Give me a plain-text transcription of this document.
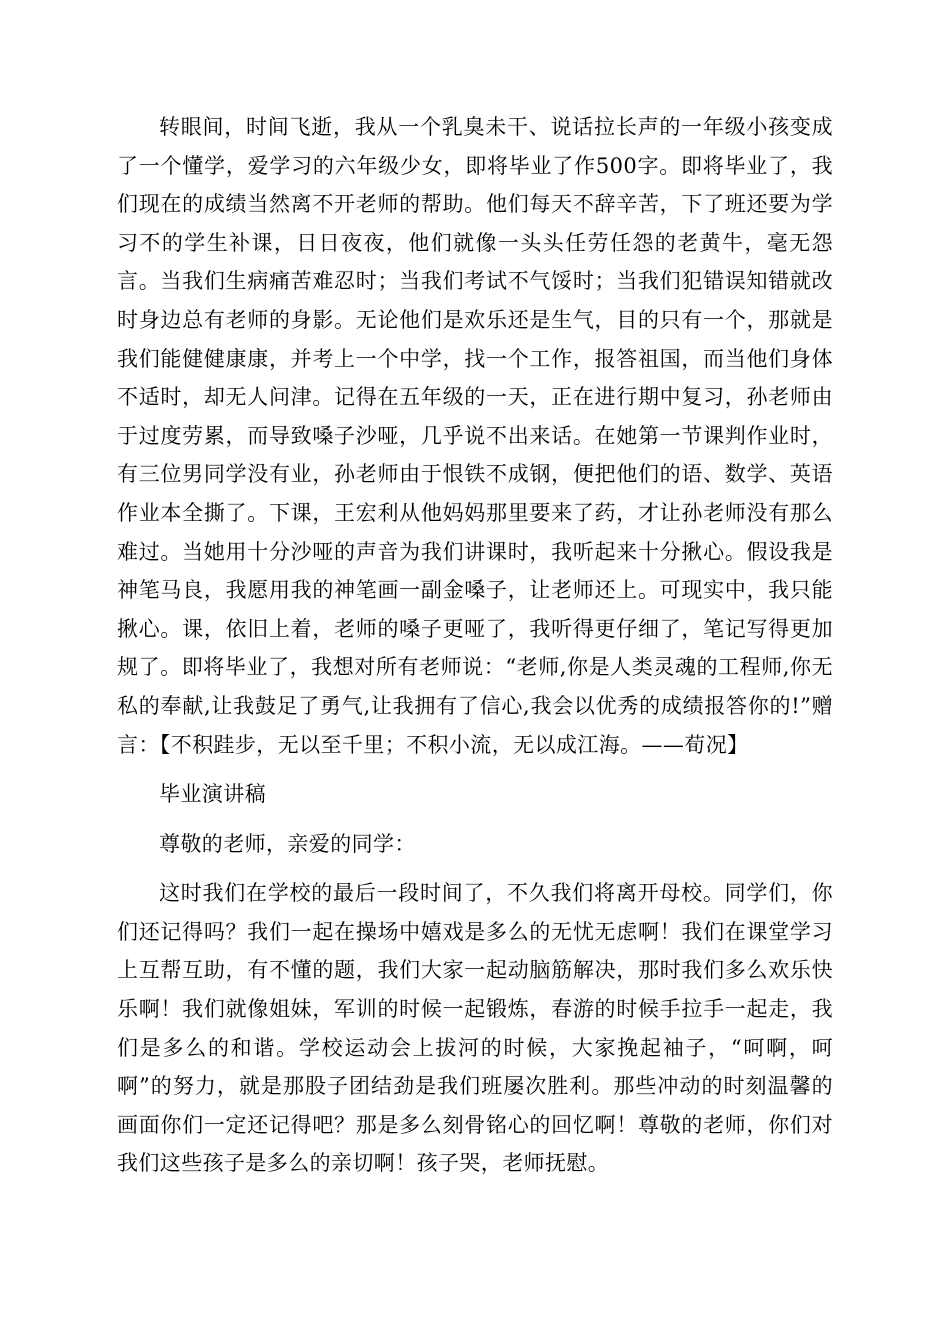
转眼间，时间飞逝，我从一个乳臭未干、说话拉长声的一年级小孩变成了一个懂学，爱学习的六年级少女，即将毕业了作500字。即将毕业了，我们现在的成绩当然离不开老师的帮助。他们每天不辞辛苦，下了班还要为学习不的学生补课，日日夜夜，他们就像一头头任劳任怨的老黄牛，毫无怨言。当我们生病痛苦难忍时；当我们考试不气馁时；当我们犯错误知错就改时身边总有老师的身影。无论他们是欢乐还是生气，目的只有一个，那就是我们能健健康康，并考上一个中学，找一个工作，报答祖国，而当他们身体不适时，却无人问津。记得在五年级的一天，正在进行期中复习，孙老师由于过度劳累，而导致嗓子沙哑，几乎说不出来话。在她第一节课判作业时，有三位男同学没有业，孙老师由于恨铁不成钢，便把他们的语、数学、英语作业本全撕了。下课，王宏利从他妈妈那里要来了药，才让孙老师没有那么难过。当她用十分沙哑的声音为我们讲课时，我听起来十分揪心。假设我是神笔马良，我愿用我的神笔画一副金嗓子，让老师还上。可现实中，我只能揪心。课，依旧上着，老师的嗓子更哑了，我听得更仔细了，笔记写得更加规了。即将毕业了，我想对所有老师说：“老师,你是人类灵魂的工程师,你无私的奉献,让我鼓足了勇气,让我拥有了信心,我会以优秀的成绩报答你的!”赠言：【不积跬步，无以至千里；不积小流，无以成江海。——荀况】

毕业演讲稿

尊敬的老师，亲爱的同学：

这时我们在学校的最后一段时间了，不久我们将离开母校。同学们，你们还记得吗？我们一起在操场中嬉戏是多么的无忧无虑啊！我们在课堂学习上互帮互助，有不懂的题，我们大家一起动脑筋解决，那时我们多么欢乐快乐啊！我们就像姐妹，军训的时候一起锻炼，春游的时候手拉手一起走，我们是多么的和谐。学校运动会上拔河的时候，大家挽起袖子，“呵啊，呵啊”的努力，就是那股子团结劲是我们班屡次胜利。那些冲动的时刻温馨的画面你们一定还记得吧？那是多么刻骨铭心的回忆啊！尊敬的老师，你们对我们这些孩子是多么的亲切啊！孩子哭，老师抚慰。
